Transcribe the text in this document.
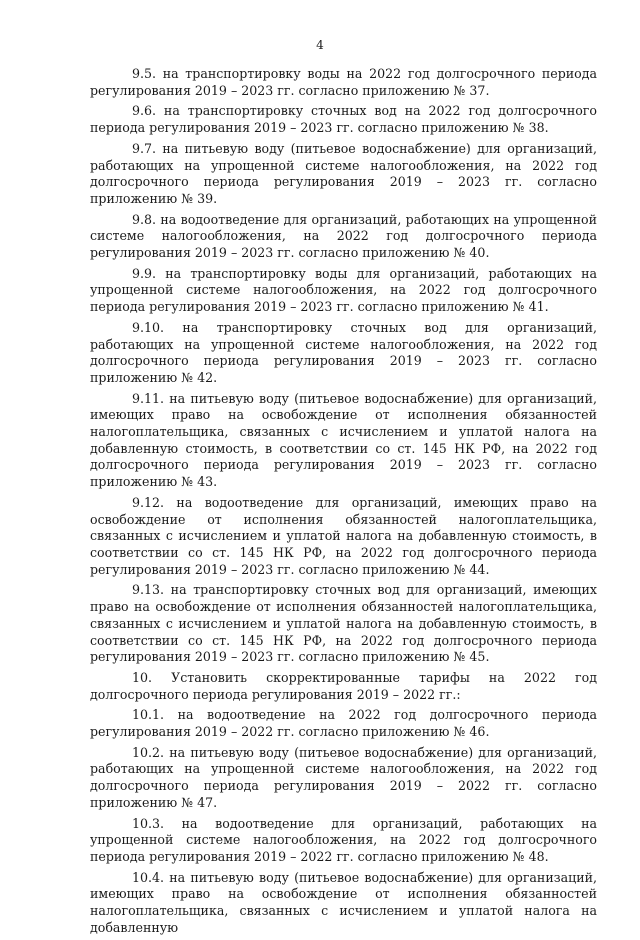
4

9.5. на транспортировку воды на 2022 год долгосрочного периода регулирования 2019 – 2023 гг. согласно приложению № 37.

9.6. на транспортировку сточных вод на 2022 год долгосрочного периода регулирования 2019 – 2023 гг. согласно приложению № 38.

9.7. на питьевую воду (питьевое водоснабжение) для организаций, работающих на упрощенной системе налогообложения, на 2022 год долгосрочного периода регулирования 2019 – 2023 гг. согласно приложению № 39.

9.8. на водоотведение для организаций, работающих на упрощенной системе налогообложения, на 2022 год долгосрочного периода регулирования 2019 – 2023 гг. согласно приложению № 40.

9.9. на транспортировку воды для организаций, работающих на упрощенной системе налогообложения, на 2022 год долгосрочного периода регулирования 2019 – 2023 гг. согласно приложению № 41.

9.10. на транспортировку сточных вод для организаций, работающих на упрощенной системе налогообложения, на 2022 год долгосрочного периода регулирования 2019 – 2023 гг. согласно приложению № 42.

9.11. на питьевую воду (питьевое водоснабжение) для организаций, имеющих право на освобождение от исполнения обязанностей налогоплательщика, связанных с исчислением и уплатой налога на добавленную стоимость, в соответствии со ст. 145 НК РФ, на 2022 год долгосрочного периода регулирования 2019 – 2023 гг. согласно приложению № 43.

9.12. на водоотведение для организаций, имеющих право на освобождение от исполнения обязанностей налогоплательщика, связанных с исчислением и уплатой налога на добавленную стоимость, в соответствии со ст. 145 НК РФ, на 2022 год долгосрочного периода регулирования 2019 – 2023 гг. согласно приложению № 44.

9.13. на транспортировку сточных вод для организаций, имеющих право на освобождение от исполнения обязанностей налогоплательщика, связанных с исчислением и уплатой налога на добавленную стоимость, в соответствии со ст. 145 НК РФ, на 2022 год долгосрочного периода регулирования 2019 – 2023 гг. согласно приложению № 45.

10. Установить скорректированные тарифы на 2022 год долгосрочного периода регулирования 2019 – 2022 гг.:

10.1. на водоотведение на 2022 год долгосрочного периода регулирования 2019 – 2022 гг. согласно приложению № 46.

10.2. на питьевую воду (питьевое водоснабжение) для организаций, работающих на упрощенной системе налогообложения, на 2022 год долгосрочного периода регулирования 2019 – 2022 гг. согласно приложению № 47.

10.3. на водоотведение для организаций, работающих на упрощенной системе налогообложения, на 2022 год долгосрочного периода регулирования 2019 – 2022 гг. согласно приложению № 48.

10.4. на питьевую воду (питьевое водоснабжение) для организаций, имеющих право на освобождение от исполнения обязанностей налогоплательщика, связанных с исчислением и уплатой налога на добавленную
